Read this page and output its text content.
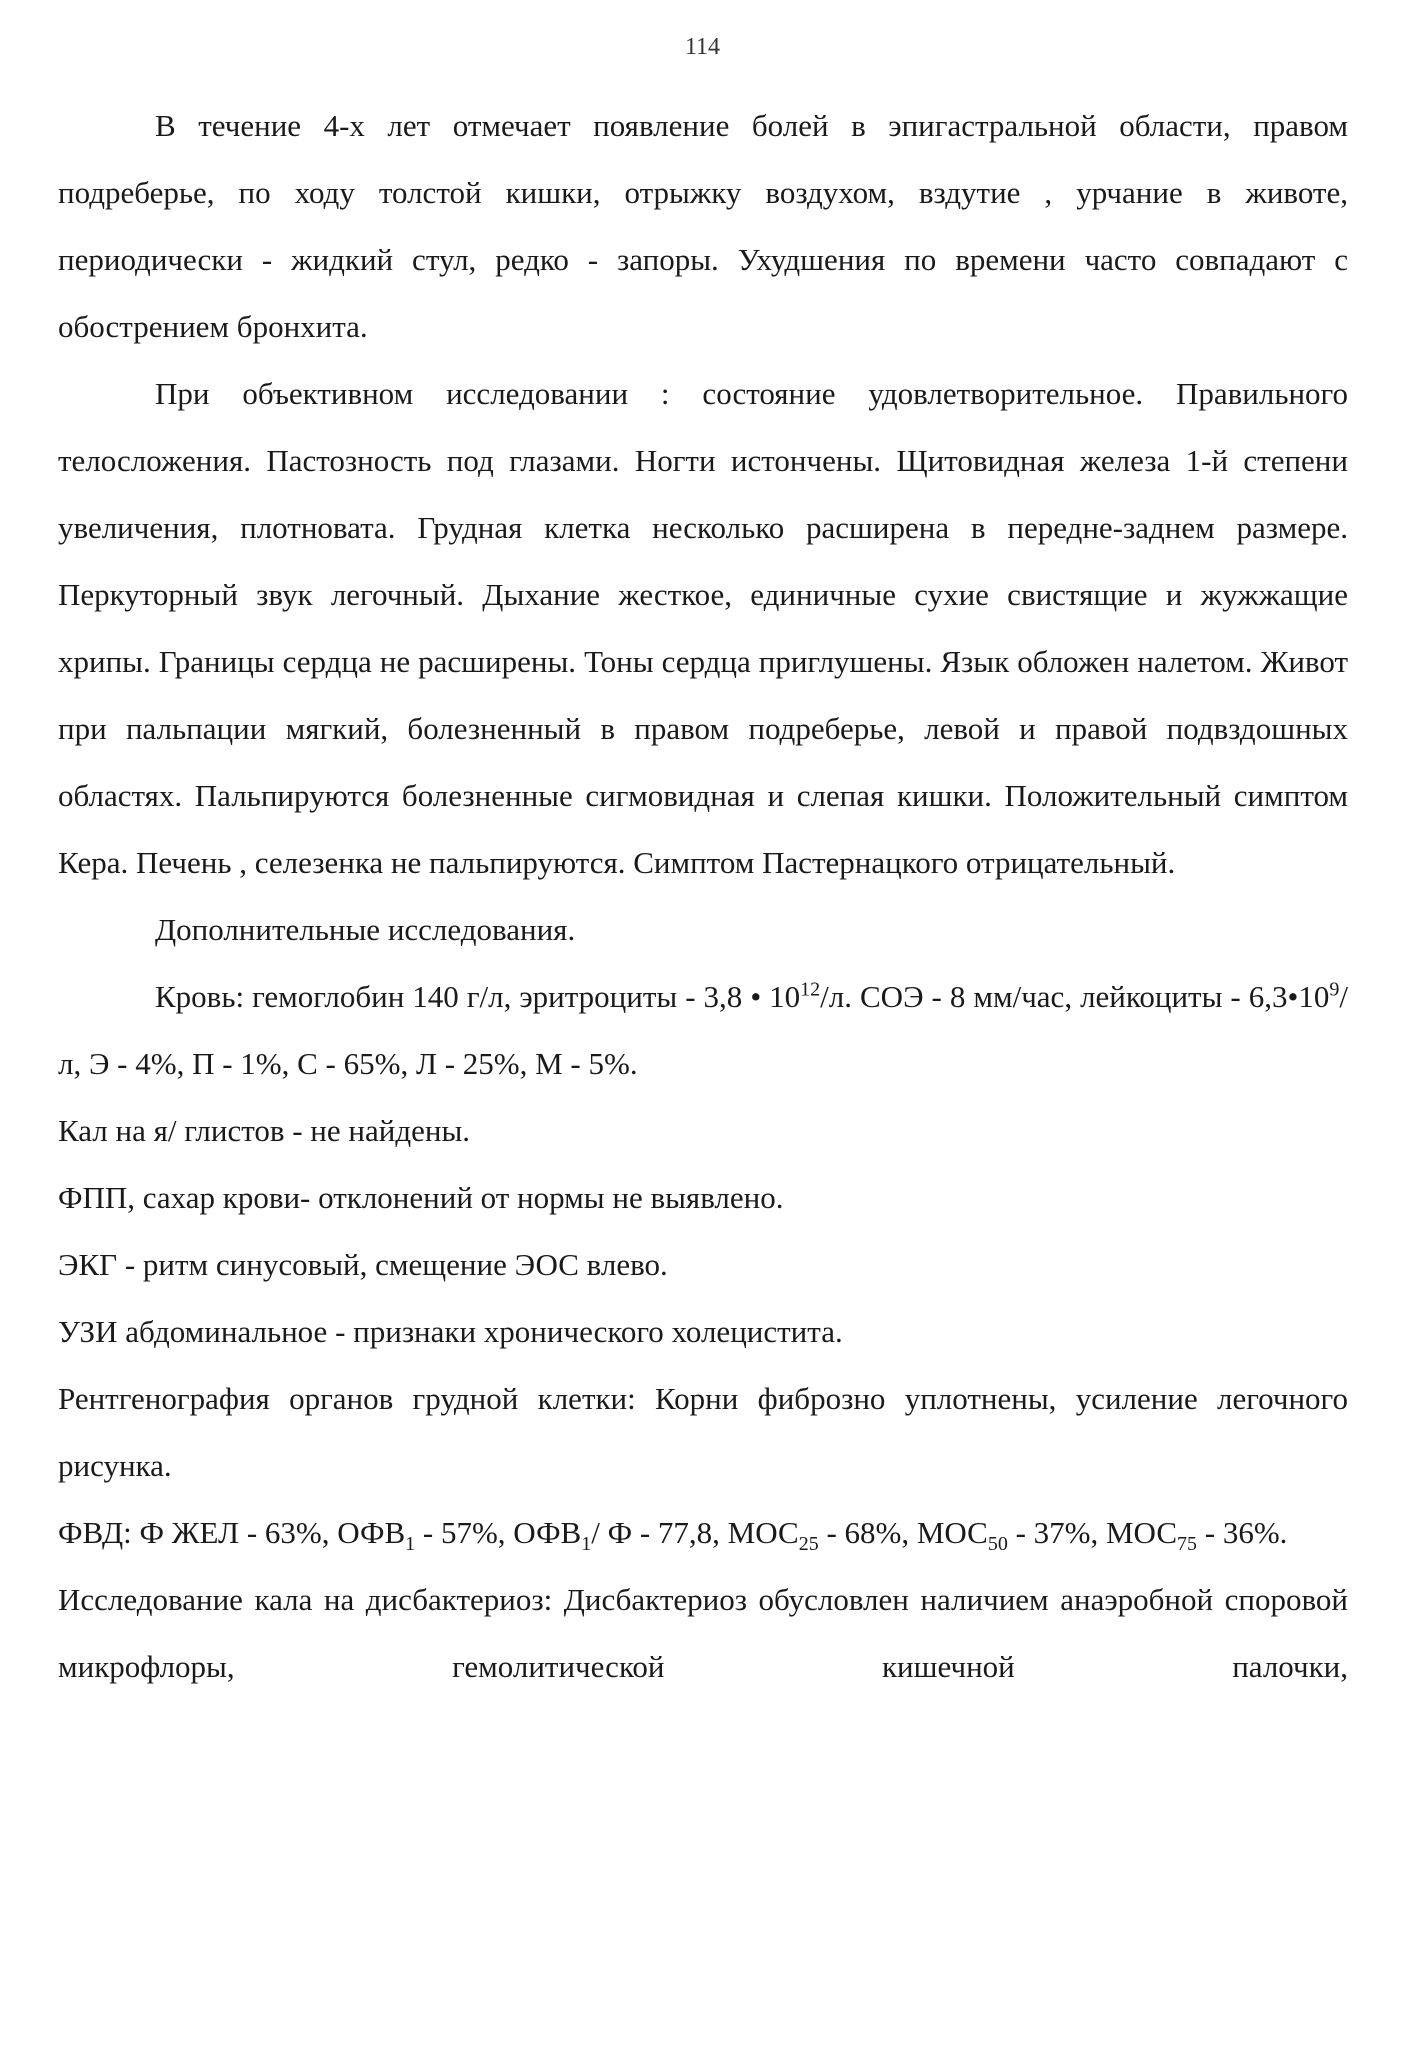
114

В течение 4-х лет отмечает появление болей в эпигастральной области, правом подреберье, по ходу толстой кишки, отрыжку воздухом, вздутие , урчание в животе, периодически - жидкий стул, редко - запоры. Ухудшения по времени часто совпадают с обострением бронхита.

При объективном исследовании : состояние удовлетворительное. Правильного телосложения. Пастозность под глазами. Ногти истончены. Щитовидная железа 1-й степени увеличения, плотновата. Грудная клетка несколько расширена в передне-заднем размере. Перкуторный звук легочный. Дыхание жесткое, единичные сухие свистящие и жужжащие хрипы. Границы сердца не расширены. Тоны сердца приглушены. Язык обложен налетом. Живот при пальпации мягкий, болезненный в правом подреберье, левой и правой подвздошных областях. Пальпируются болезненные сигмовидная и слепая кишки. Положительный симптом Кера. Печень , селезенка не пальпируются. Симптом Пастернацкого отрицательный.

Дополнительные исследования.

Кровь: гемоглобин 140 г/л, эритроциты - 3,8 • $10^{12}/л$. СОЭ - 8 мм/час, лейкоциты - $6,3•10^9/л$, Э - 4%, П - 1%, С - 65%, Л - 25%, М - 5%.

Кал на я/ глистов - не найдены.

ФПП, сахар крови- отклонений от нормы не выявлено.

ЭКГ - ритм синусовый, смещение ЭОС влево.

УЗИ абдоминальное - признаки хронического холецистита.

Рентгенография органов грудной клетки: Корни фиброзно уплотнены, усиление легочного рисунка.

ФВД: Ф ЖЕЛ - 63%, $ОФВ_1 - 57\%$, $ОФВ_1/$ Ф - 77,8, $МОС_{25} - 68\%$, $МОС_{50} - 37\%$, $МОС_{75} - 36\%$.

Исследование кала на дисбактериоз: Дисбактериоз обусловлен наличием анаэробной споровой микрофлоры, гемолитической кишечной палочки,
